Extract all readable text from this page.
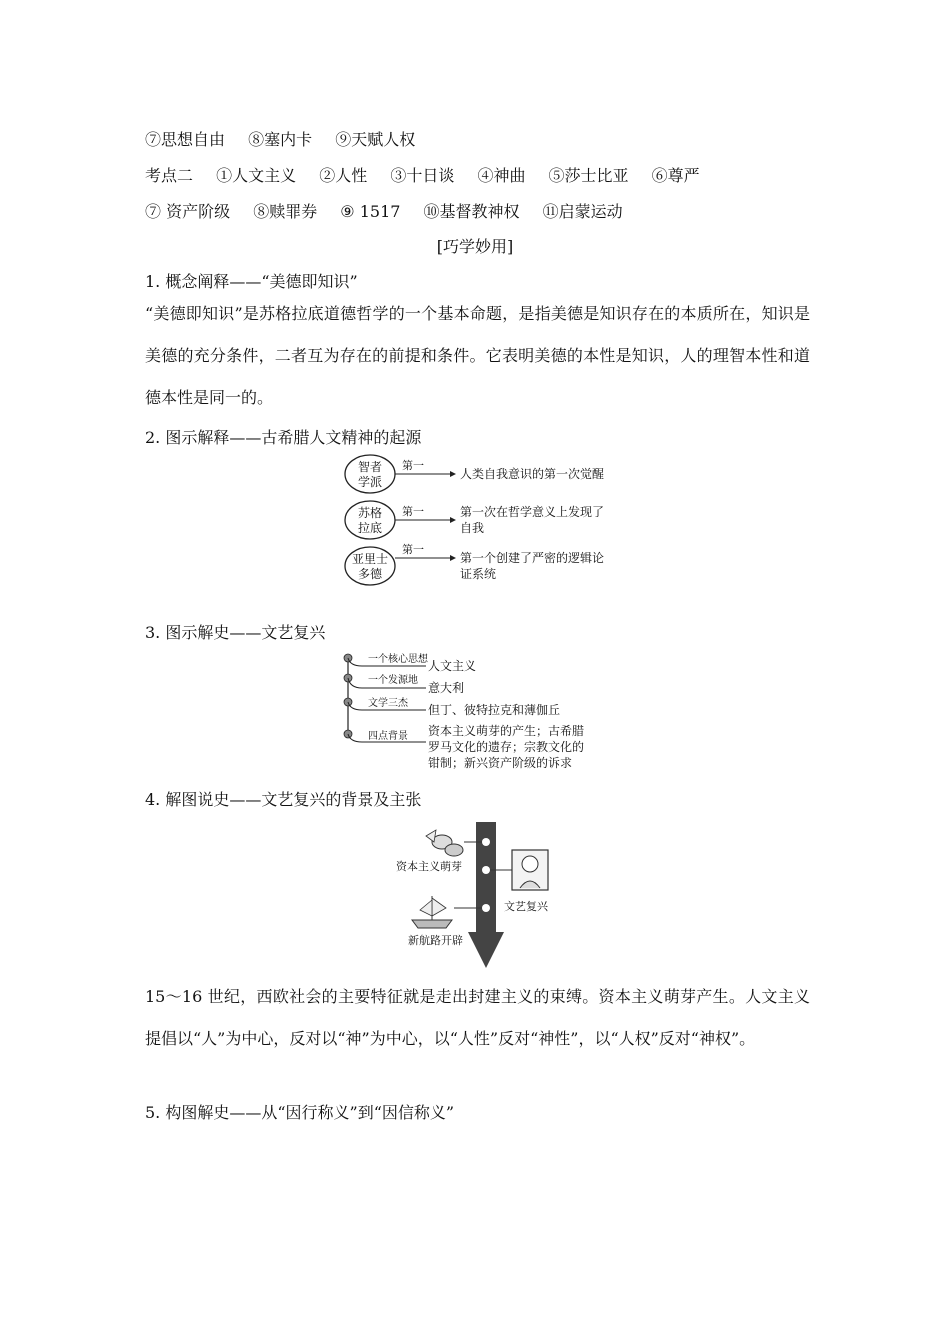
⑦思想自由 ⑧塞内卡 ⑨天赋人权
考点二 ①人文主义 ②人性 ③十日谈 ④神曲 ⑤莎士比亚 ⑥尊严
⑦ 资产阶级 ⑧赎罪券 ⑨ 1517 ⑩基督教神权 ⑪启蒙运动
[巧学妙用]
1. 概念阐释——“美德即知识”
“美德即知识”是苏格拉底道德哲学的一个基本命题，是指美德是知识存在的本质所在，知识是美德的充分条件，二者互为存在的前提和条件。它表明美德的本性是知识，人的理智本性和道德本性是同一的。
2. 图示解释——古希腊人文精神的起源
智者
学派
第一
人类自我意识的第一次觉醒
苏格
拉底
第一	第一次在哲学意义上发现了
自我
亚里士
多德
第一
第一个创建了严密的逻辑论
证系统
3. 图示解史——文艺复兴
一个核心思想 人文主义
一个发源地
意大利
文学三杰 但丁、彼特拉克和薄伽丘
四点背景 资本主义萌芽的产生；古希腊
罗马文化的遗存；宗教文化的
钳制；新兴资产阶级的诉求
4. 解图说史——文艺复兴的背景及主张
资本主义萌芽
文艺复兴
新航路开辟
15～16 世纪，西欧社会的主要特征就是走出封建主义的束缚。资本主义萌芽产生。人文主义提倡以“人”为中心，反对以“神”为中心，以“人性”反对“神性”，以“人权”反对“神权”。
5. 构图解史——从“因行称义”到“因信称义”
